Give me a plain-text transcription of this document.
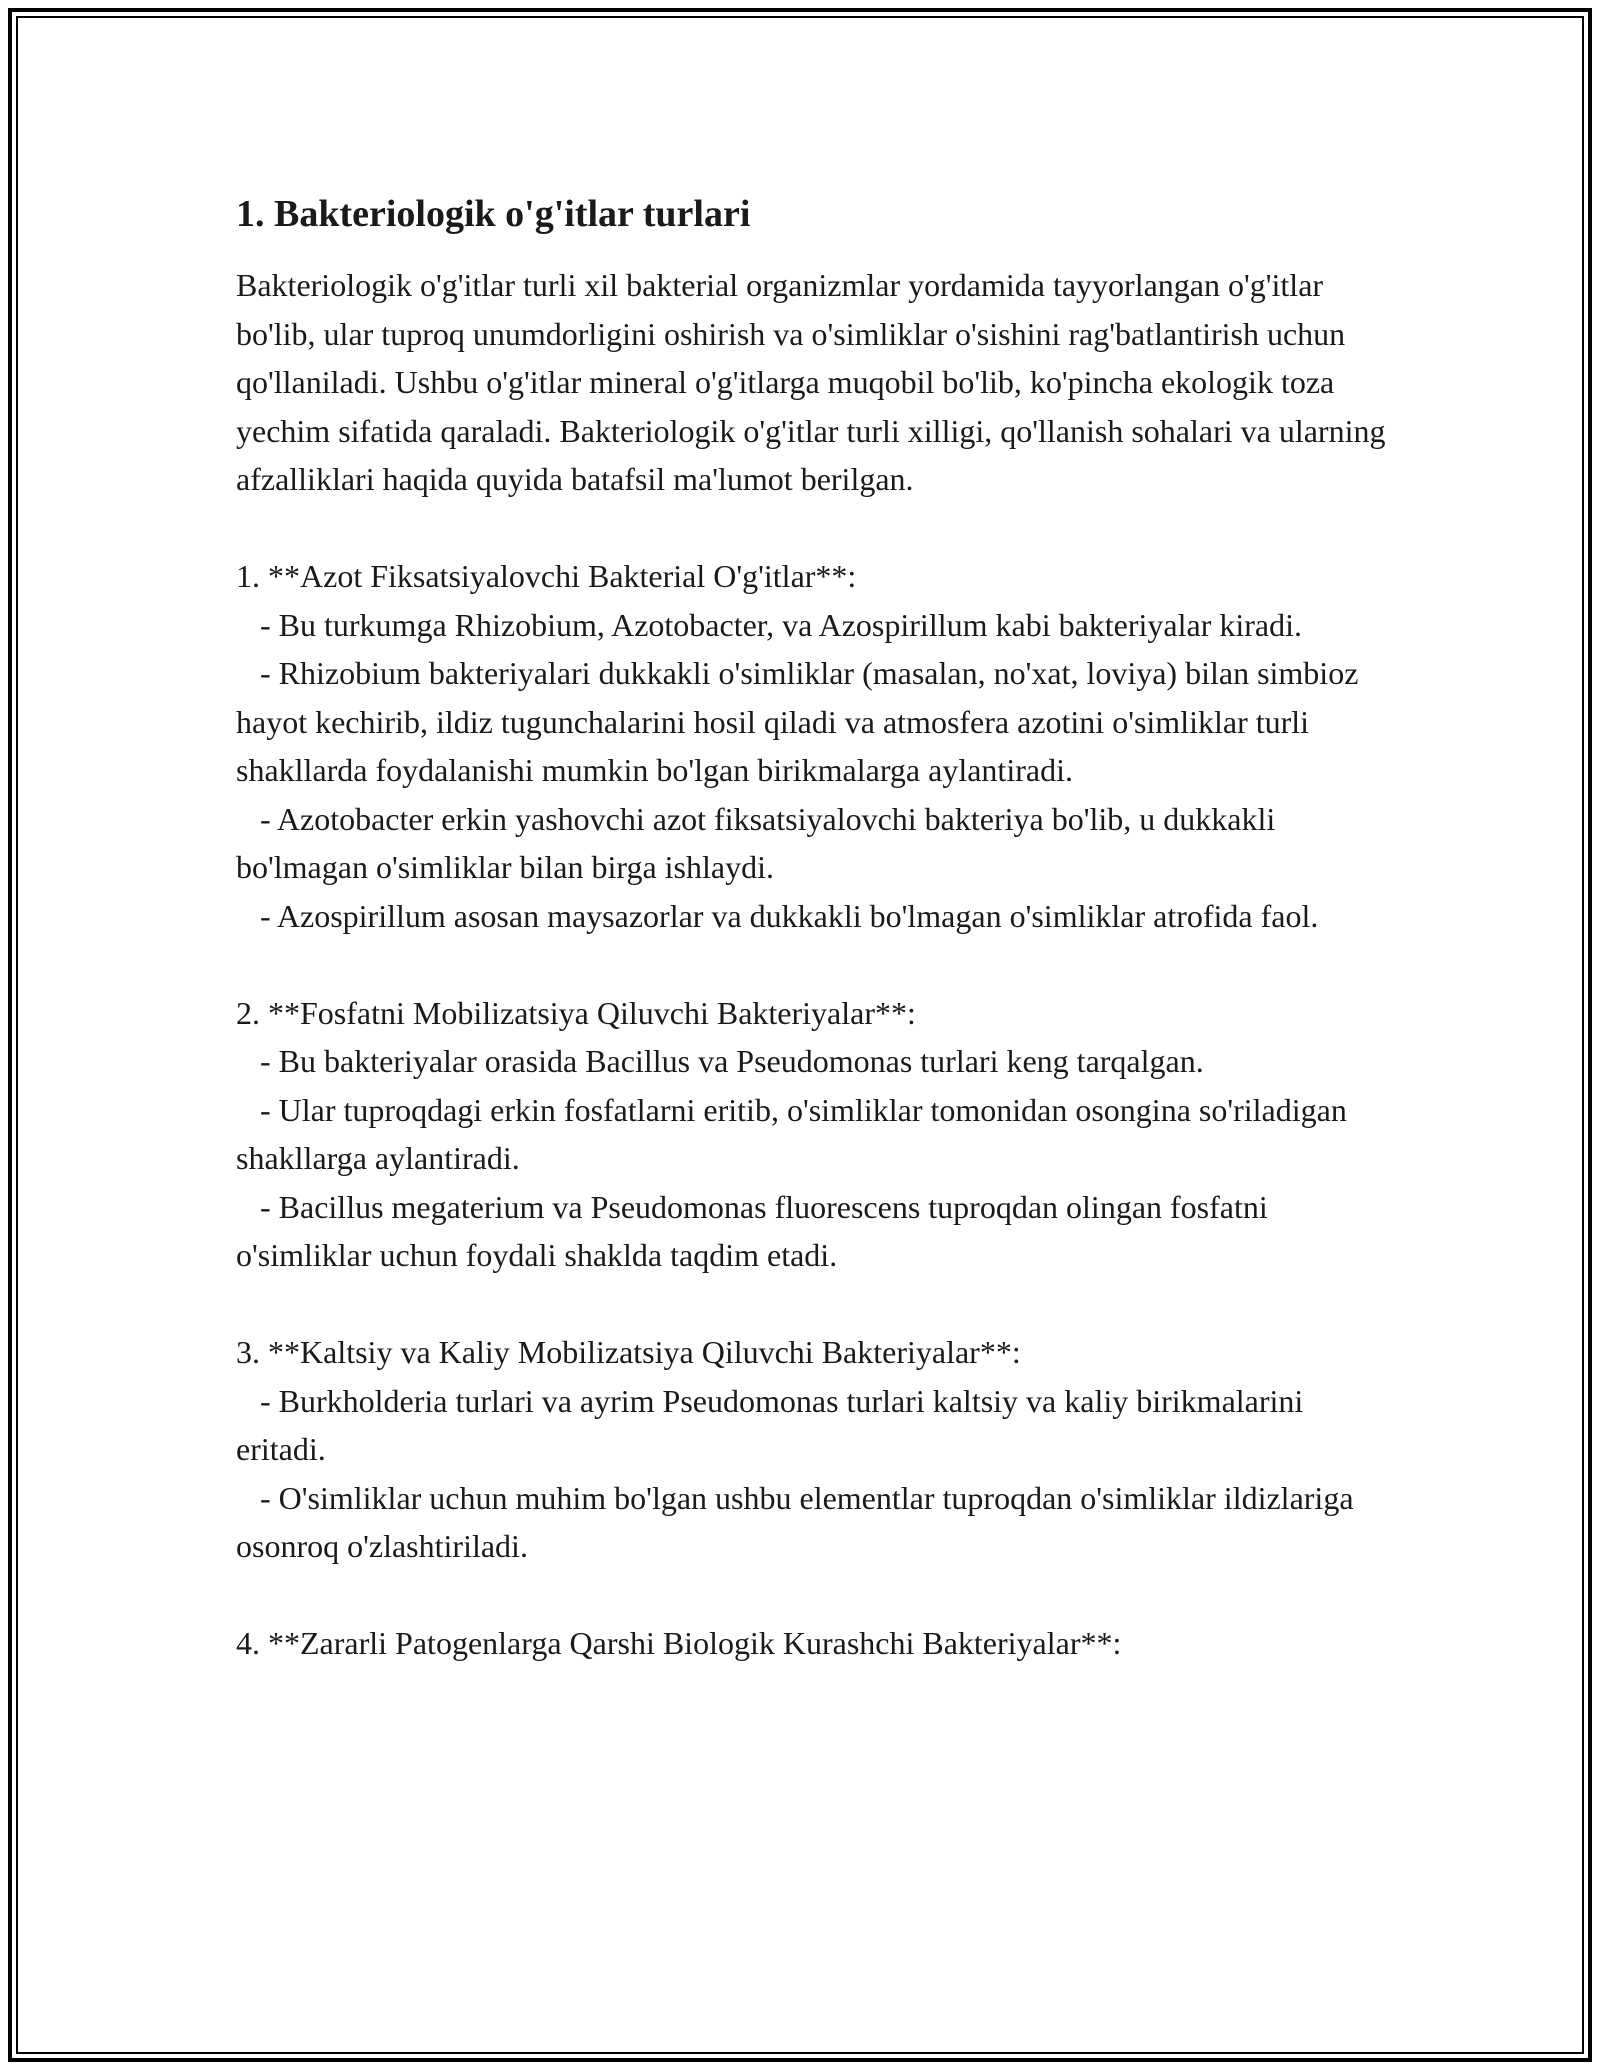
1. Bakteriologik o'g'itlar turlari

Bakteriologik o'g'itlar turli xil bakterial organizmlar yordamida tayyorlangan o'g'itlar bo'lib, ular tuproq unumdorligini oshirish va o'simliklar o'sishini rag'batlantirish uchun qo'llaniladi. Ushbu o'g'itlar mineral o'g'itlarga muqobil bo'lib, ko'pincha ekologik toza yechim sifatida qaraladi. Bakteriologik o'g'itlar turli xilligi, qo'llanish sohalari va ularning afzalliklari haqida quyida batafsil ma'lumot berilgan.

1. **Azot Fiksatsiyalovchi Bakterial O'g'itlar**:
- Bu turkumga Rhizobium, Azotobacter, va Azospirillum kabi bakteriyalar kiradi.
- Rhizobium bakteriyalari dukkakli o'simliklar (masalan, no'xat, loviya) bilan simbioz hayot kechirib, ildiz tugunchalarini hosil qiladi va atmosfera azotini o'simliklar turli shakllarda foydalanishi mumkin bo'lgan birikmalarga aylantiradi.
- Azotobacter erkin yashovchi azot fiksatsiyalovchi bakteriya bo'lib, u dukkakli bo'lmagan o'simliklar bilan birga ishlaydi.
- Azospirillum asosan maysazorlar va dukkakli bo'lmagan o'simliklar atrofida faol.
2. **Fosfatni Mobilizatsiya Qiluvchi Bakteriyalar**:
- Bu bakteriyalar orasida Bacillus va Pseudomonas turlari keng tarqalgan.
- Ular tuproqdagi erkin fosfatlarni eritib, o'simliklar tomonidan osongina so'riladigan shakllarga aylantiradi.
- Bacillus megaterium va Pseudomonas fluorescens tuproqdan olingan fosfatni o'simliklar uchun foydali shaklda taqdim etadi.
3. **Kaltsiy va Kaliy Mobilizatsiya Qiluvchi Bakteriyalar**:
- Burkholderia turlari va ayrim Pseudomonas turlari kaltsiy va kaliy birikmalarini eritadi.
- O'simliklar uchun muhim bo'lgan ushbu elementlar tuproqdan o'simliklar ildizlariga osonroq o'zlashtiriladi.
4. **Zararli Patogenlarga Qarshi Biologik Kurashchi Bakteriyalar**:
